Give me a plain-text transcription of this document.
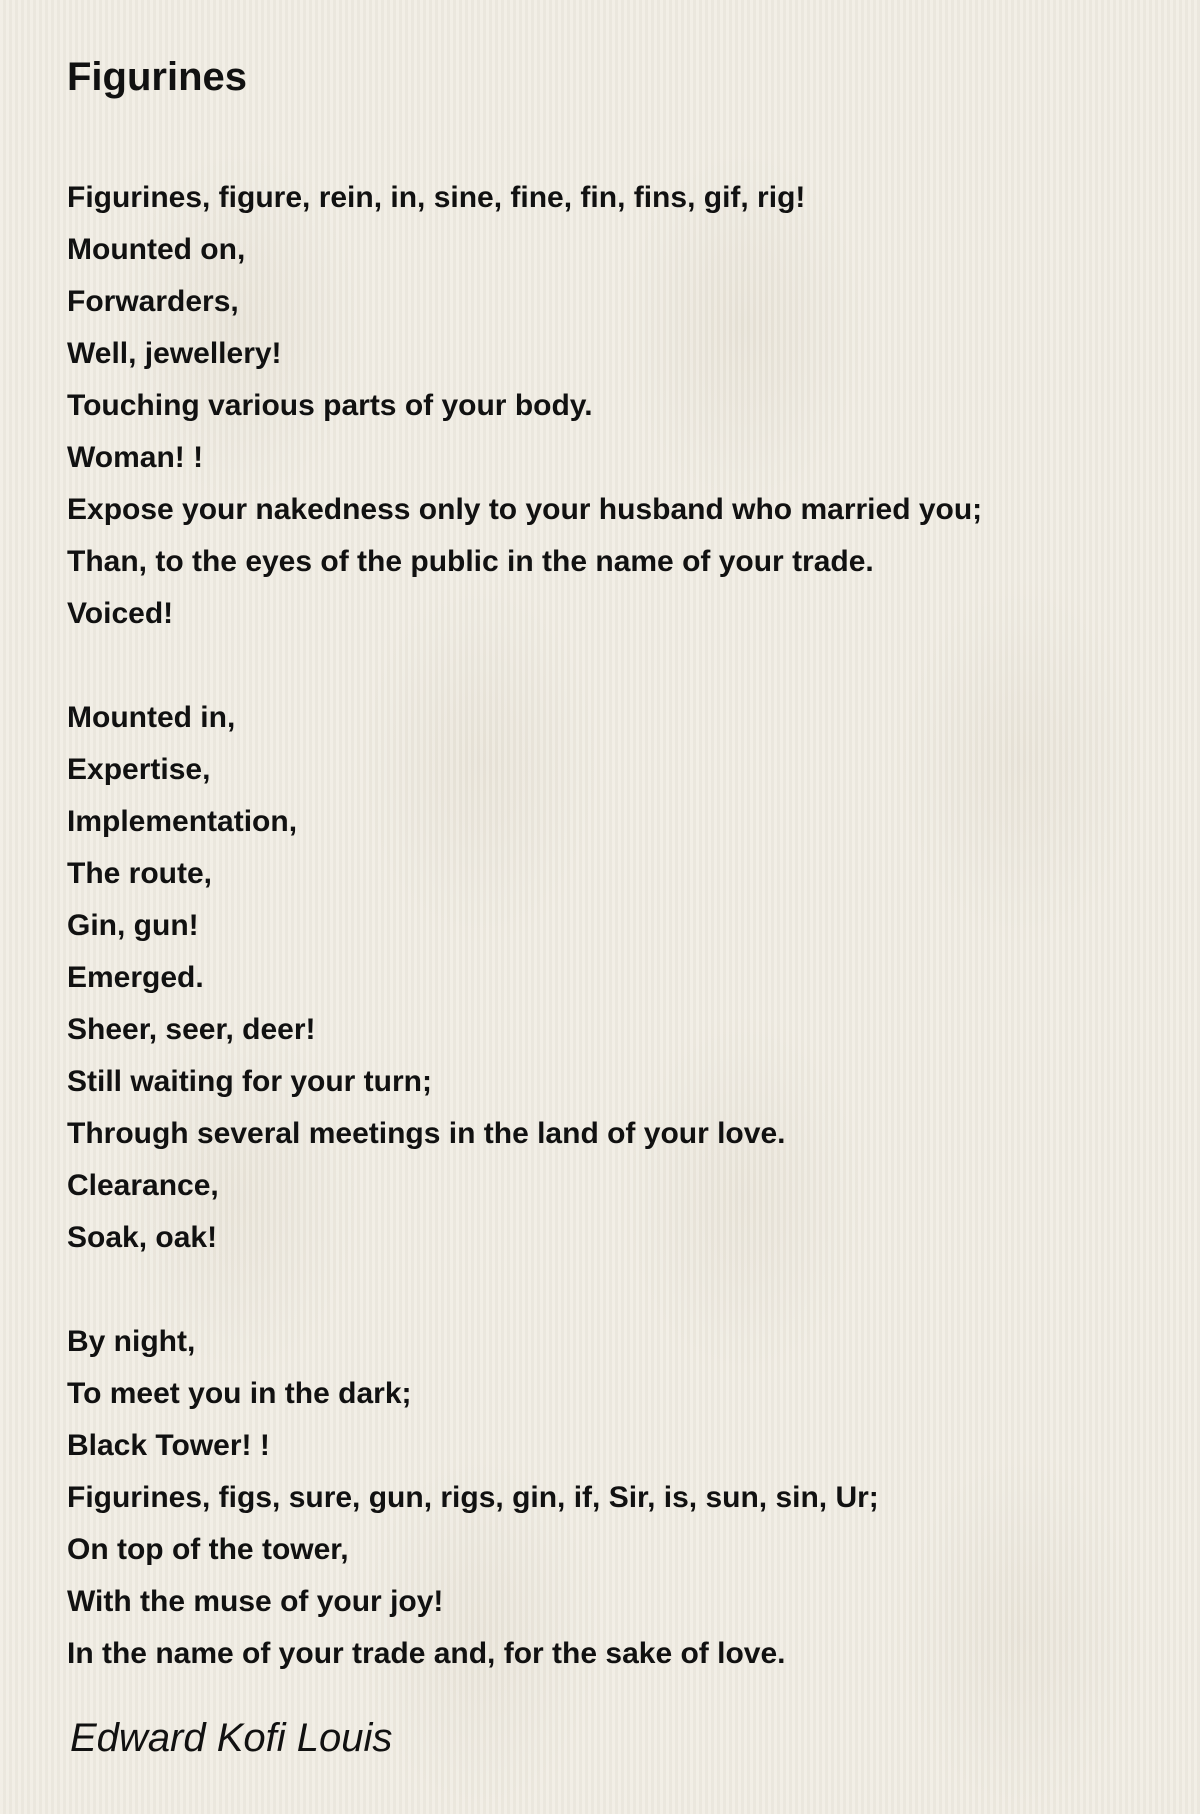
Figurines
Figurines, figure, rein, in, sine, fine, fin, fins, gif, rig!
Mounted on,
Forwarders,
Well, jewellery!
Touching various parts of your body.
Woman! !
Expose your nakedness only to your husband who married you;
Than, to the eyes of the public in the name of your trade.
Voiced!
Mounted in,
Expertise,
Implementation,
The route,
Gin, gun!
Emerged.
Sheer, seer, deer!
Still waiting for your turn;
Through several meetings in the land of your love.
Clearance,
Soak, oak!
By night,
To meet you in the dark;
Black Tower! !
Figurines, figs, sure, gun, rigs, gin, if, Sir, is, sun, sin, Ur;
On top of the tower,
With the muse of your joy!
In the name of your trade and, for the sake of love.
Edward Kofi Louis
